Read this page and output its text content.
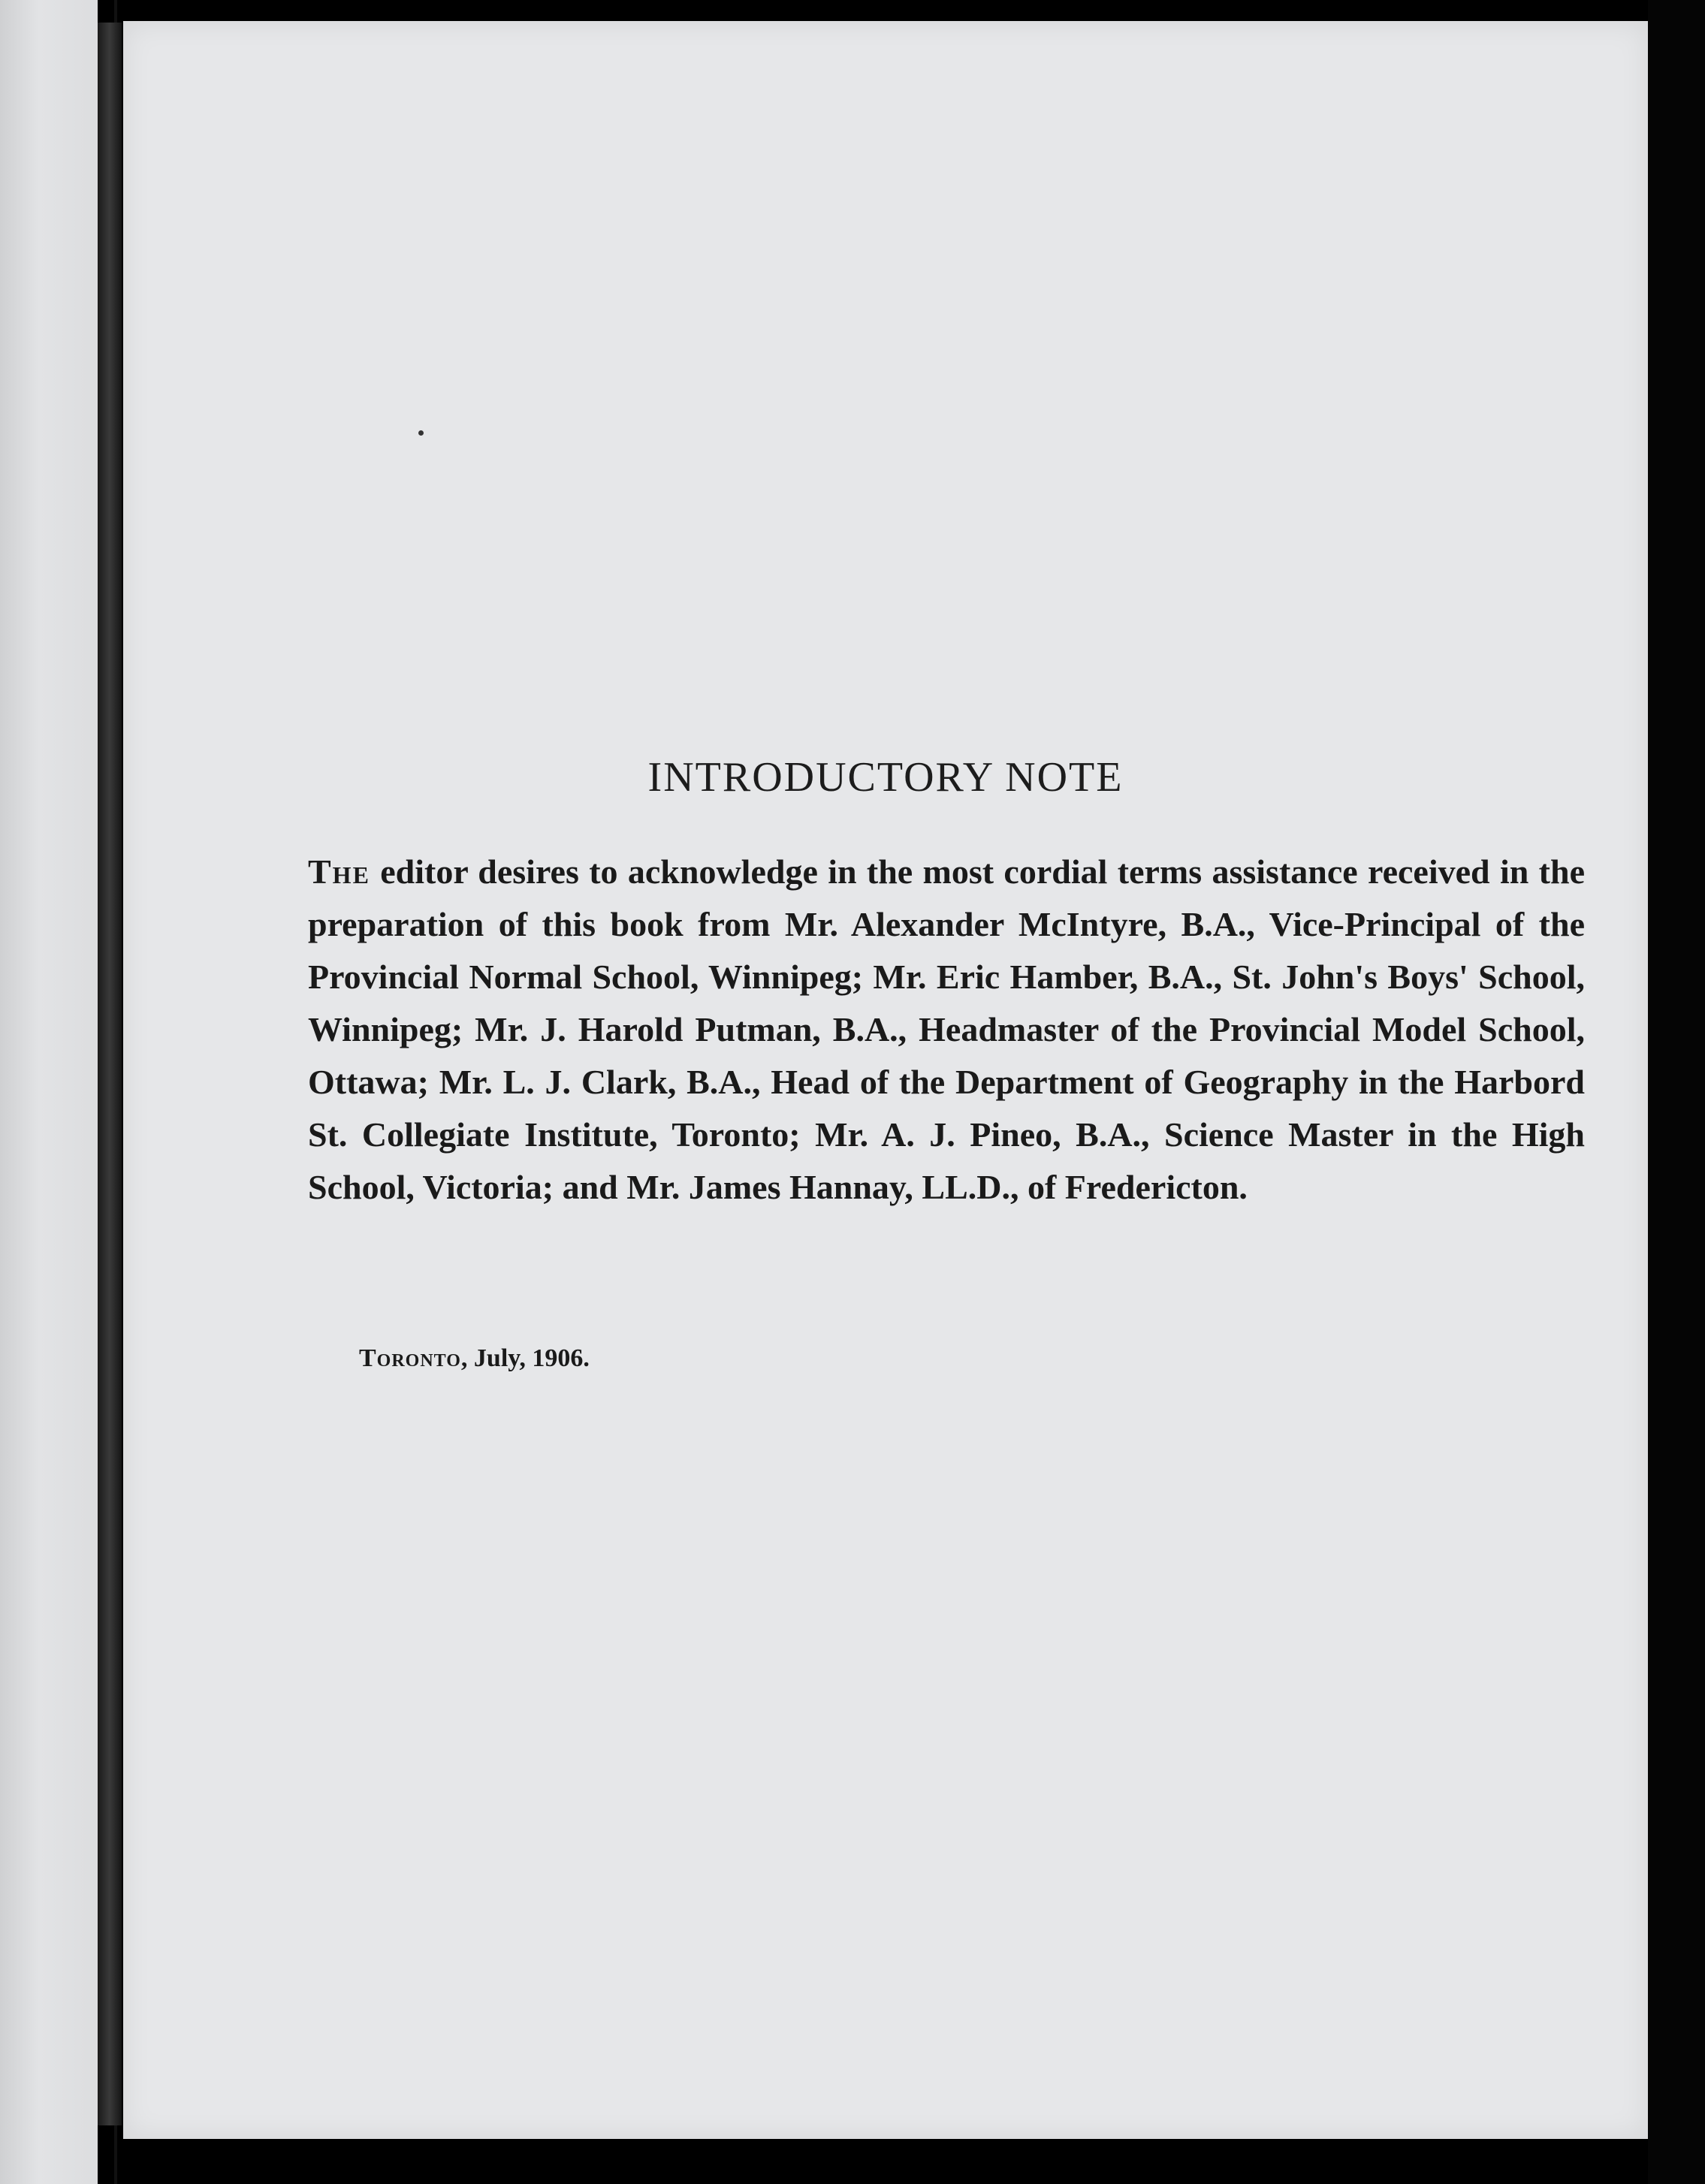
INTRODUCTORY NOTE

The editor desires to acknowledge in the most cordial terms assistance received in the preparation of this book from Mr. Alexander McIntyre, B.A., Vice-Principal of the Provincial Normal School, Winnipeg; Mr. Eric Hamber, B.A., St. John's Boys' School, Winnipeg; Mr. J. Harold Putman, B.A., Headmaster of the Provincial Model School, Ottawa; Mr. L. J. Clark, B.A., Head of the Department of Geography in the Harbord St. Collegiate Institute, Toronto; Mr. A. J. Pineo, B.A., Science Master in the High School, Victoria; and Mr. James Hannay, LL.D., of Fredericton.

Toronto, July, 1906.
